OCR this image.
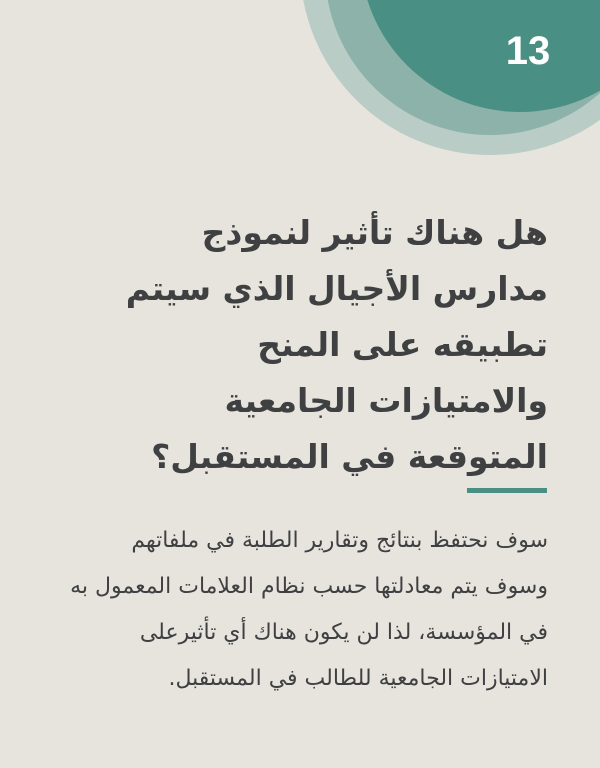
13
هل هناك تأثير لنموذج مدارس الأجيال الذي سيتم تطبيقه على المنح والامتيازات الجامعية المتوقعة في المستقبل؟

سوف نحتفظ بنتائج وتقارير الطلبة في ملفاتهم وسوف يتم معادلتها حسب نظام العلامات المعمول به في المؤسسة، لذا لن يكون هناك أي تأثيرعلى الامتيازات الجامعية للطالب في المستقبل.
